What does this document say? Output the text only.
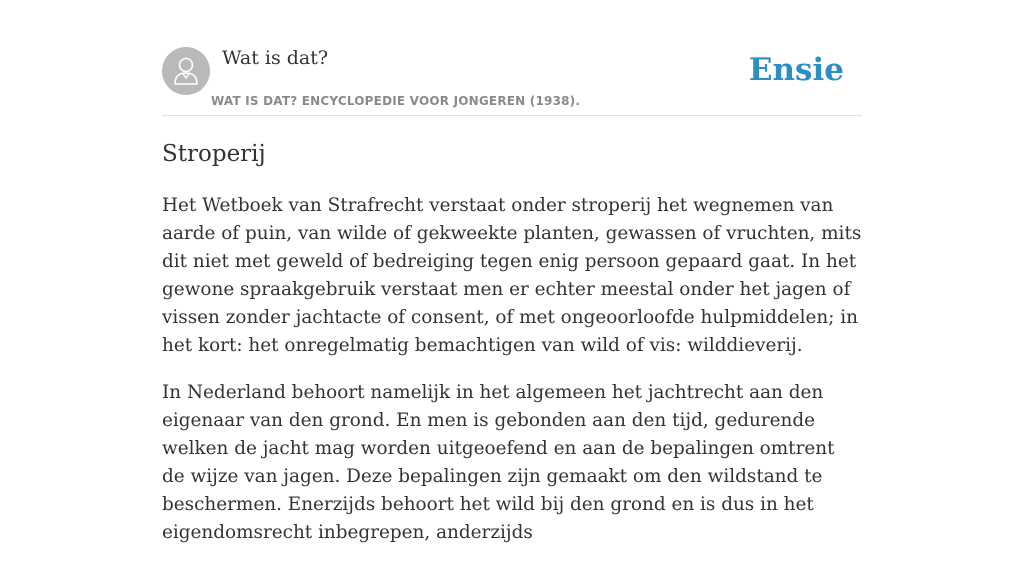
Wat is dat?
WAT IS DAT? ENCYCLOPEDIE VOOR JONGEREN (1938).
Ensie
Stroperij

Het Wetboek van Strafrecht verstaat onder stroperij het wegnemen van aarde of puin, van wilde of gekweekte planten, gewassen of vruchten, mits dit niet met geweld of bedreiging tegen enig persoon gepaard gaat. In het gewone spraakgebruik verstaat men er echter meestal onder het jagen of vissen zonder jachtacte of consent, of met ongeoorloofde hulpmiddelen; in het kort: het onregelmatig bemachtigen van wild of vis: wilddieverij.

In Nederland behoort namelijk in het algemeen het jachtrecht aan den eigenaar van den grond. En men is gebonden aan den tijd, gedurende welken de jacht mag worden uitgeoefend en aan de bepalingen omtrent de wijze van jagen. Deze bepalingen zijn gemaakt om den wildstand te beschermen. Enerzijds behoort het wild bij den grond en is dus in het eigendomsrecht inbegrepen, anderzijds
